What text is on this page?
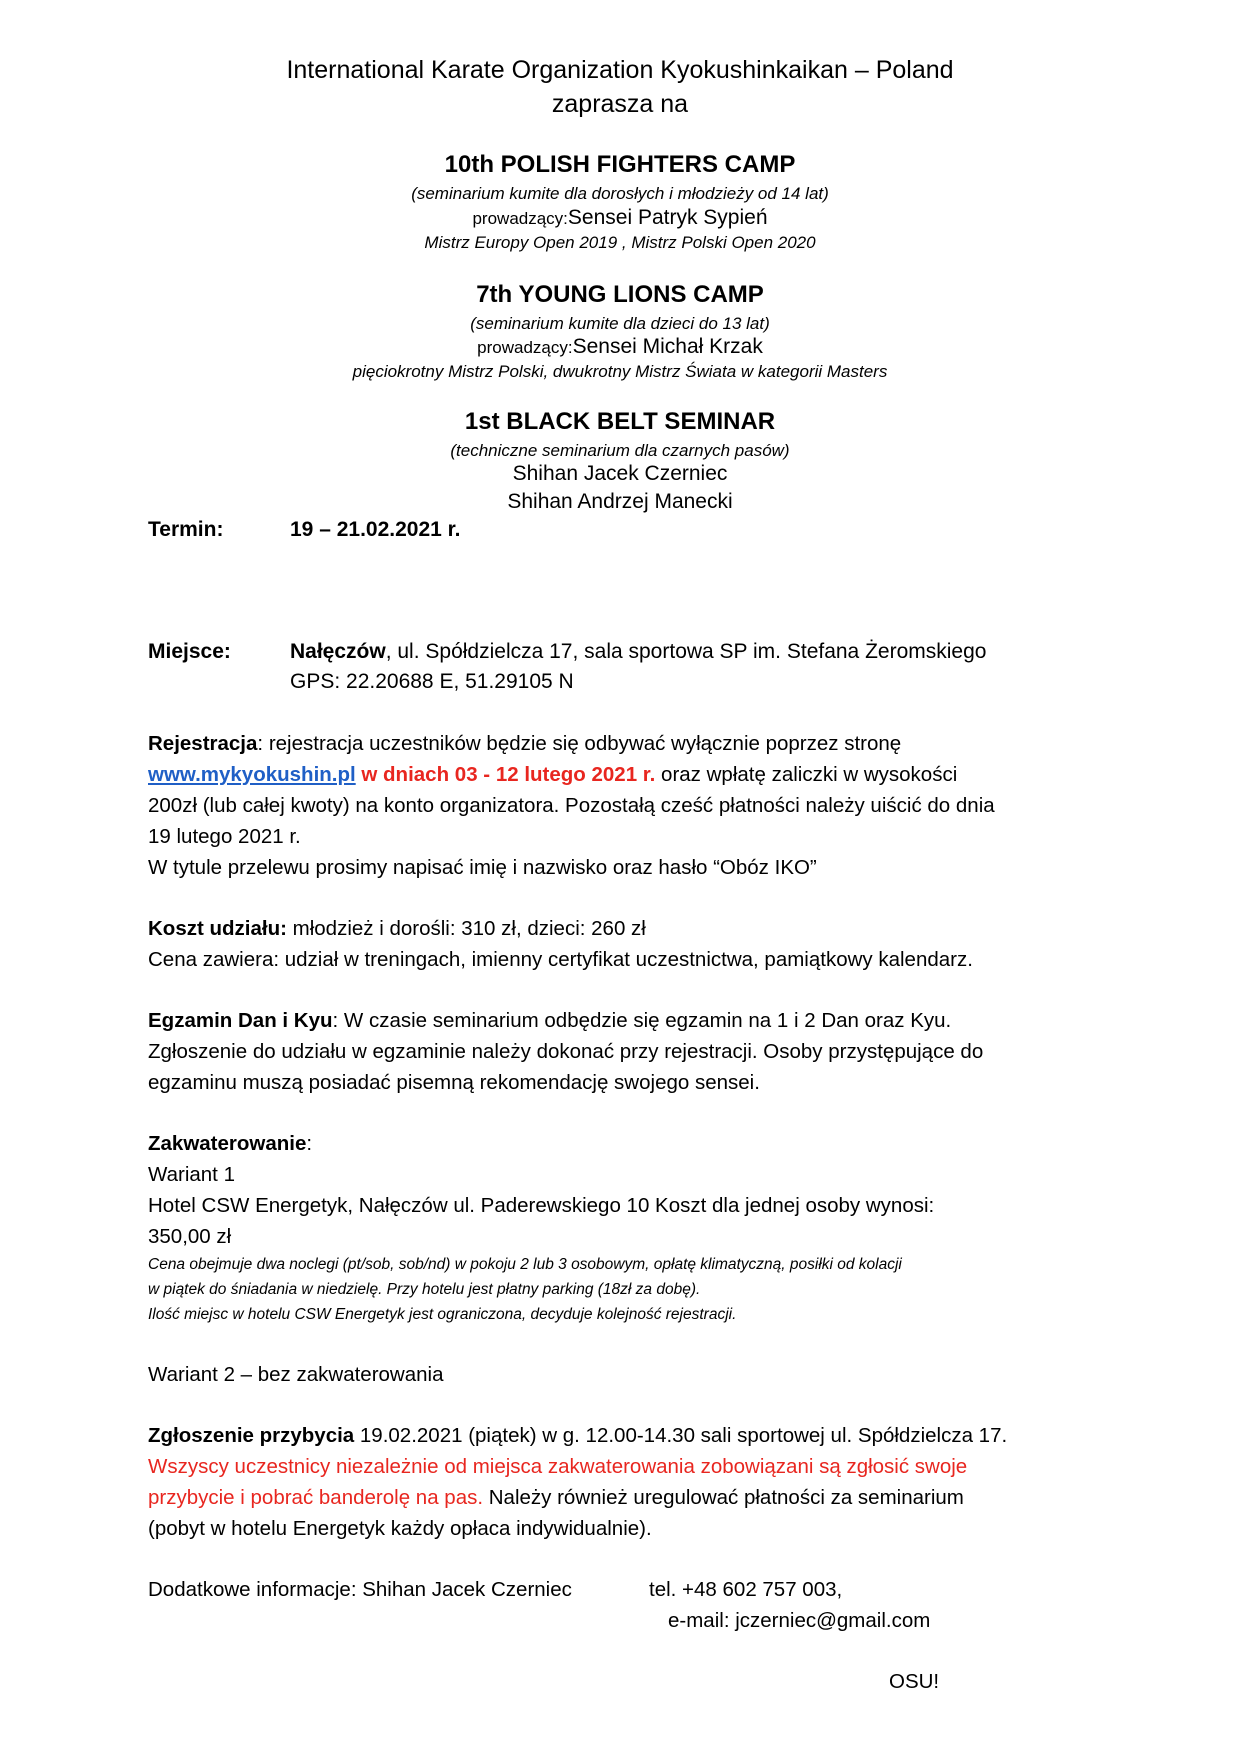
International Karate Organization Kyokushinkaikan – Poland
zaprasza na
10th POLISH FIGHTERS CAMP
(seminarium kumite dla dorosłych i młodzieży od 14 lat)
prowadzący:Sensei Patryk Sypień
Mistrz Europy Open 2019 , Mistrz Polski Open 2020
7th YOUNG LIONS CAMP
(seminarium kumite dla dzieci do 13 lat)
prowadzący:Sensei Michał Krzak
pięciokrotny Mistrz Polski, dwukrotny Mistrz Świata w kategorii Masters
1st BLACK BELT SEMINAR
(techniczne seminarium dla czarnych pasów)
Shihan Jacek Czerniec
Shihan Andrzej Manecki
Termin:	19 – 21.02.2021 r.
Miejsce:	Nałęczów, ul. Spółdzielcza 17, sala sportowa SP im. Stefana Żeromskiego
GPS: 22.20688 E, 51.29105 N
Rejestracja: rejestracja uczestników będzie się odbywać wyłącznie poprzez stronę
www.mykyokushin.pl w dniach 03 - 12 lutego 2021 r. oraz wpłatę zaliczki w wysokości
200zł (lub całej kwoty) na konto organizatora. Pozostałą cześć płatności należy uiścić do dnia
19 lutego 2021 r.
W tytule przelewu prosimy napisać imię i nazwisko oraz hasło “Obóz IKO”
Koszt udziału: młodzież i dorośli: 310 zł, dzieci: 260 zł
Cena zawiera: udział w treningach, imienny certyfikat uczestnictwa, pamiątkowy kalendarz.
Egzamin Dan i Kyu: W czasie seminarium odbędzie się egzamin na 1 i 2 Dan oraz Kyu.
Zgłoszenie do udziału w egzaminie należy dokonać przy rejestracji. Osoby przystępujące do
egzaminu muszą posiadać pisemną rekomendację swojego sensei.
Zakwaterowanie:
Wariant 1
Hotel CSW Energetyk, Nałęczów ul. Paderewskiego 10 Koszt dla jednej osoby wynosi:
350,00 zł
Cena obejmuje dwa noclegi (pt/sob, sob/nd) w pokoju 2 lub 3 osobowym, opłatę klimatyczną, posiłki od kolacji
w piątek do śniadania w niedzielę. Przy hotelu jest płatny parking (18zł za dobę).
Ilość miejsc w hotelu CSW Energetyk jest ograniczona, decyduje kolejność rejestracji.
Wariant 2 – bez zakwaterowania
Zgłoszenie przybycia 19.02.2021 (piątek) w g. 12.00-14.30 sali sportowej ul. Spółdzielcza 17.
Wszyscy uczestnicy niezależnie od miejsca zakwaterowania zobowiązani są zgłosić swoje
przybycie i pobrać banderolę na pas. Należy również uregulować płatności za seminarium
(pobyt w hotelu Energetyk każdy opłaca indywidualnie).
Dodatkowe informacje: Shihan Jacek Czerniec	tel. +48 602 757 003,
e-mail: jczerniec@gmail.com
OSU!
